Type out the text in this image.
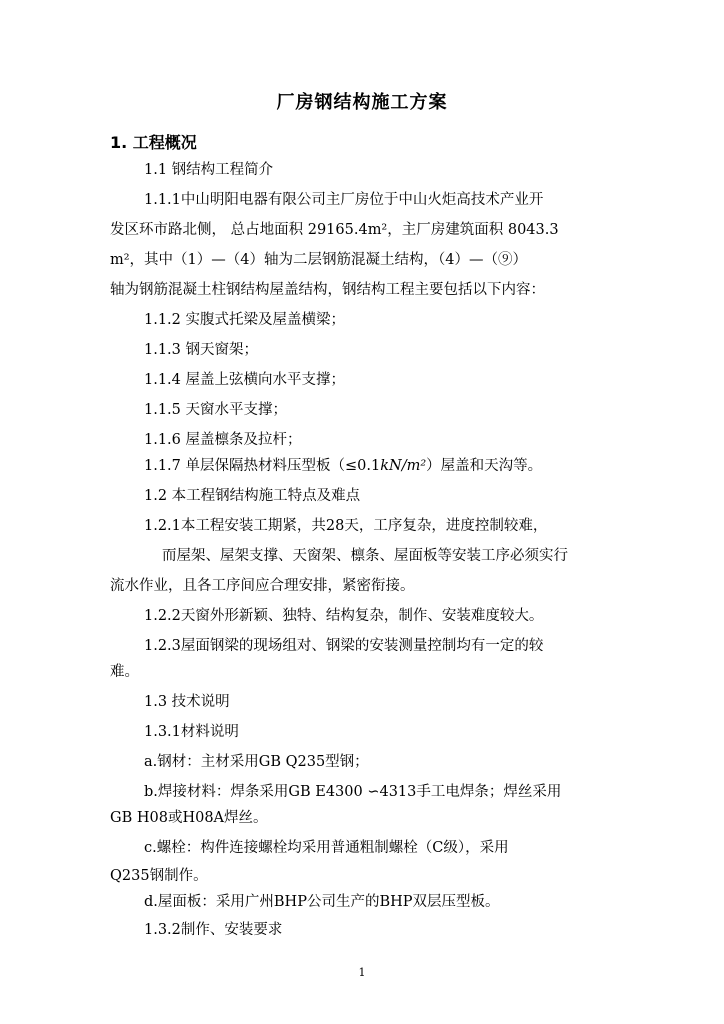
厂房钢结构施工方案
1. 工程概况
1.1 钢结构工程简介
1.1.1中山明阳电器有限公司主厂房位于中山火炬高技术产业开
发区环市路北侧， 总占地面积 29165.4m²，主厂房建筑面积 8043.3
m²，其中（1）—（4）轴为二层钢筋混凝土结构，（4）—（⑨）
轴为钢筋混凝土柱钢结构屋盖结构，钢结构工程主要包括以下内容：
1.1.2 实腹式托梁及屋盖横梁；
1.1.3 钢天窗架；
1.1.4 屋盖上弦横向水平支撑；
1.1.5 天窗水平支撑；
1.1.6 屋盖檩条及拉杆；
1.1.7 单层保隔热材料压型板（≤0.1kN/m²）屋盖和天沟等。
1.2 本工程钢结构施工特点及难点
1.2.1本工程安装工期紧，共28天，工序复杂，进度控制较难，
而屋架、屋架支撑、天窗架、檩条、屋面板等安装工序必须实行
流水作业，且各工序间应合理安排，紧密衔接。
1.2.2天窗外形新颖、独特、结构复杂，制作、安装难度较大。
1.2.3屋面钢梁的现场组对、钢梁的安装测量控制均有一定的较
难。
1.3 技术说明
1.3.1材料说明
a.钢材：主材采用GB Q235型钢；
b.焊接材料：焊条采用GB E4300 ∽4313手工电焊条；焊丝采用
GB H08或H08A焊丝。
c.螺栓：构件连接螺栓均采用普通粗制螺栓（C级），采用
Q235钢制作。
d.屋面板：采用广州BHP公司生产的BHP双层压型板。
1.3.2制作、安装要求
1
